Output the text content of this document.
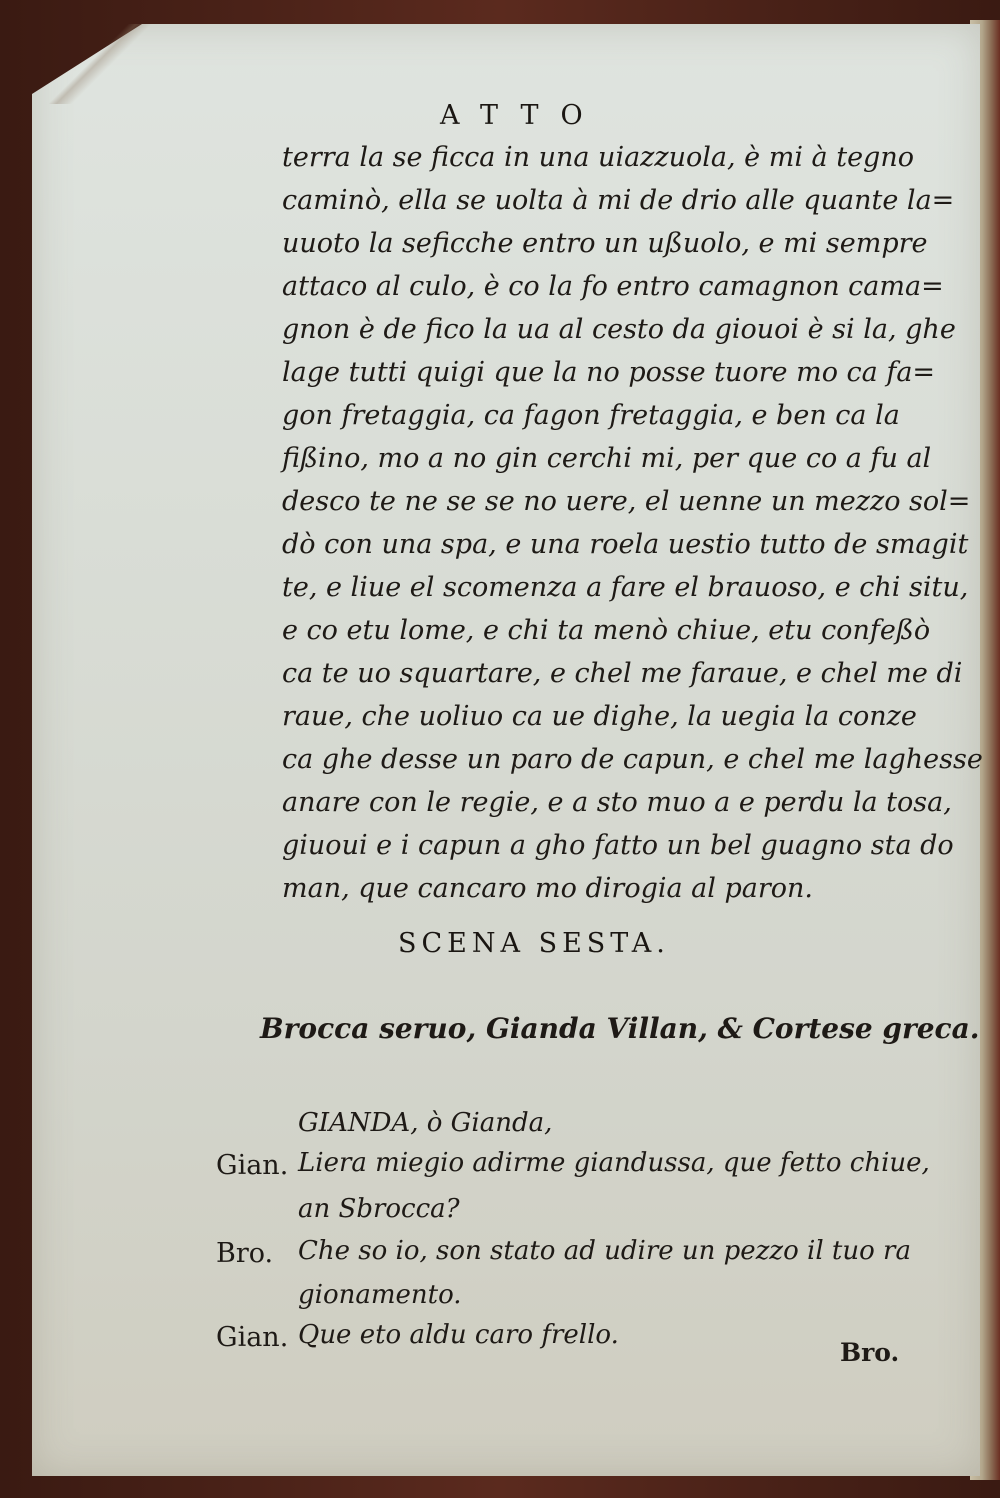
ATTO
terra la se ficca in una uiazzuola, è mi à tegno
caminò, ella se uolta à mi de drio alle quante la=
uuoto la seficche entro un ußuolo, e mi sempre
attaco al culo, è co la fo entro camagnon cama=
gnon è de fico la ua al cesto da giouoi è si la, ghe
lage tutti quigi que la no posse tuore mo ca fa=
gon fretaggia, ca fagon fretaggia, e ben ca la
fißino, mo a no gin cerchi mi, per que co a fu al
desco te ne se se no uere, el uenne un mezzo sol=
dò con una spa, e una roela uestio tutto de smagit
te, e liue el scomenza a fare el brauoso, e chi situ,
e co etu lome, e chi ta menò chiue, etu confeßò
ca te uo squartare, e chel me faraue, e chel me di
raue, che uoliuo ca ue dighe, la uegia la conze
ca ghe desse un paro de capun, e chel me laghesse
anare con le regie, e a sto muo a e perdu la tosa,
giuoui e i capun a gho fatto un bel guagno sta do
man, que cancaro mo dirogia al paron.
SCENA SESTA.
Brocca seruo, Gianda Villan, & Cortese greca.
GIANDA, ò Gianda,
Gian. Liera miegio adirme giandussa, que fetto chiue,
an Sbrocca?
Bro. Che so io, son stato ad udire un pezzo il tuo ra
gionamento.
Gian. Que eto aldu caro frello.
Bro.
